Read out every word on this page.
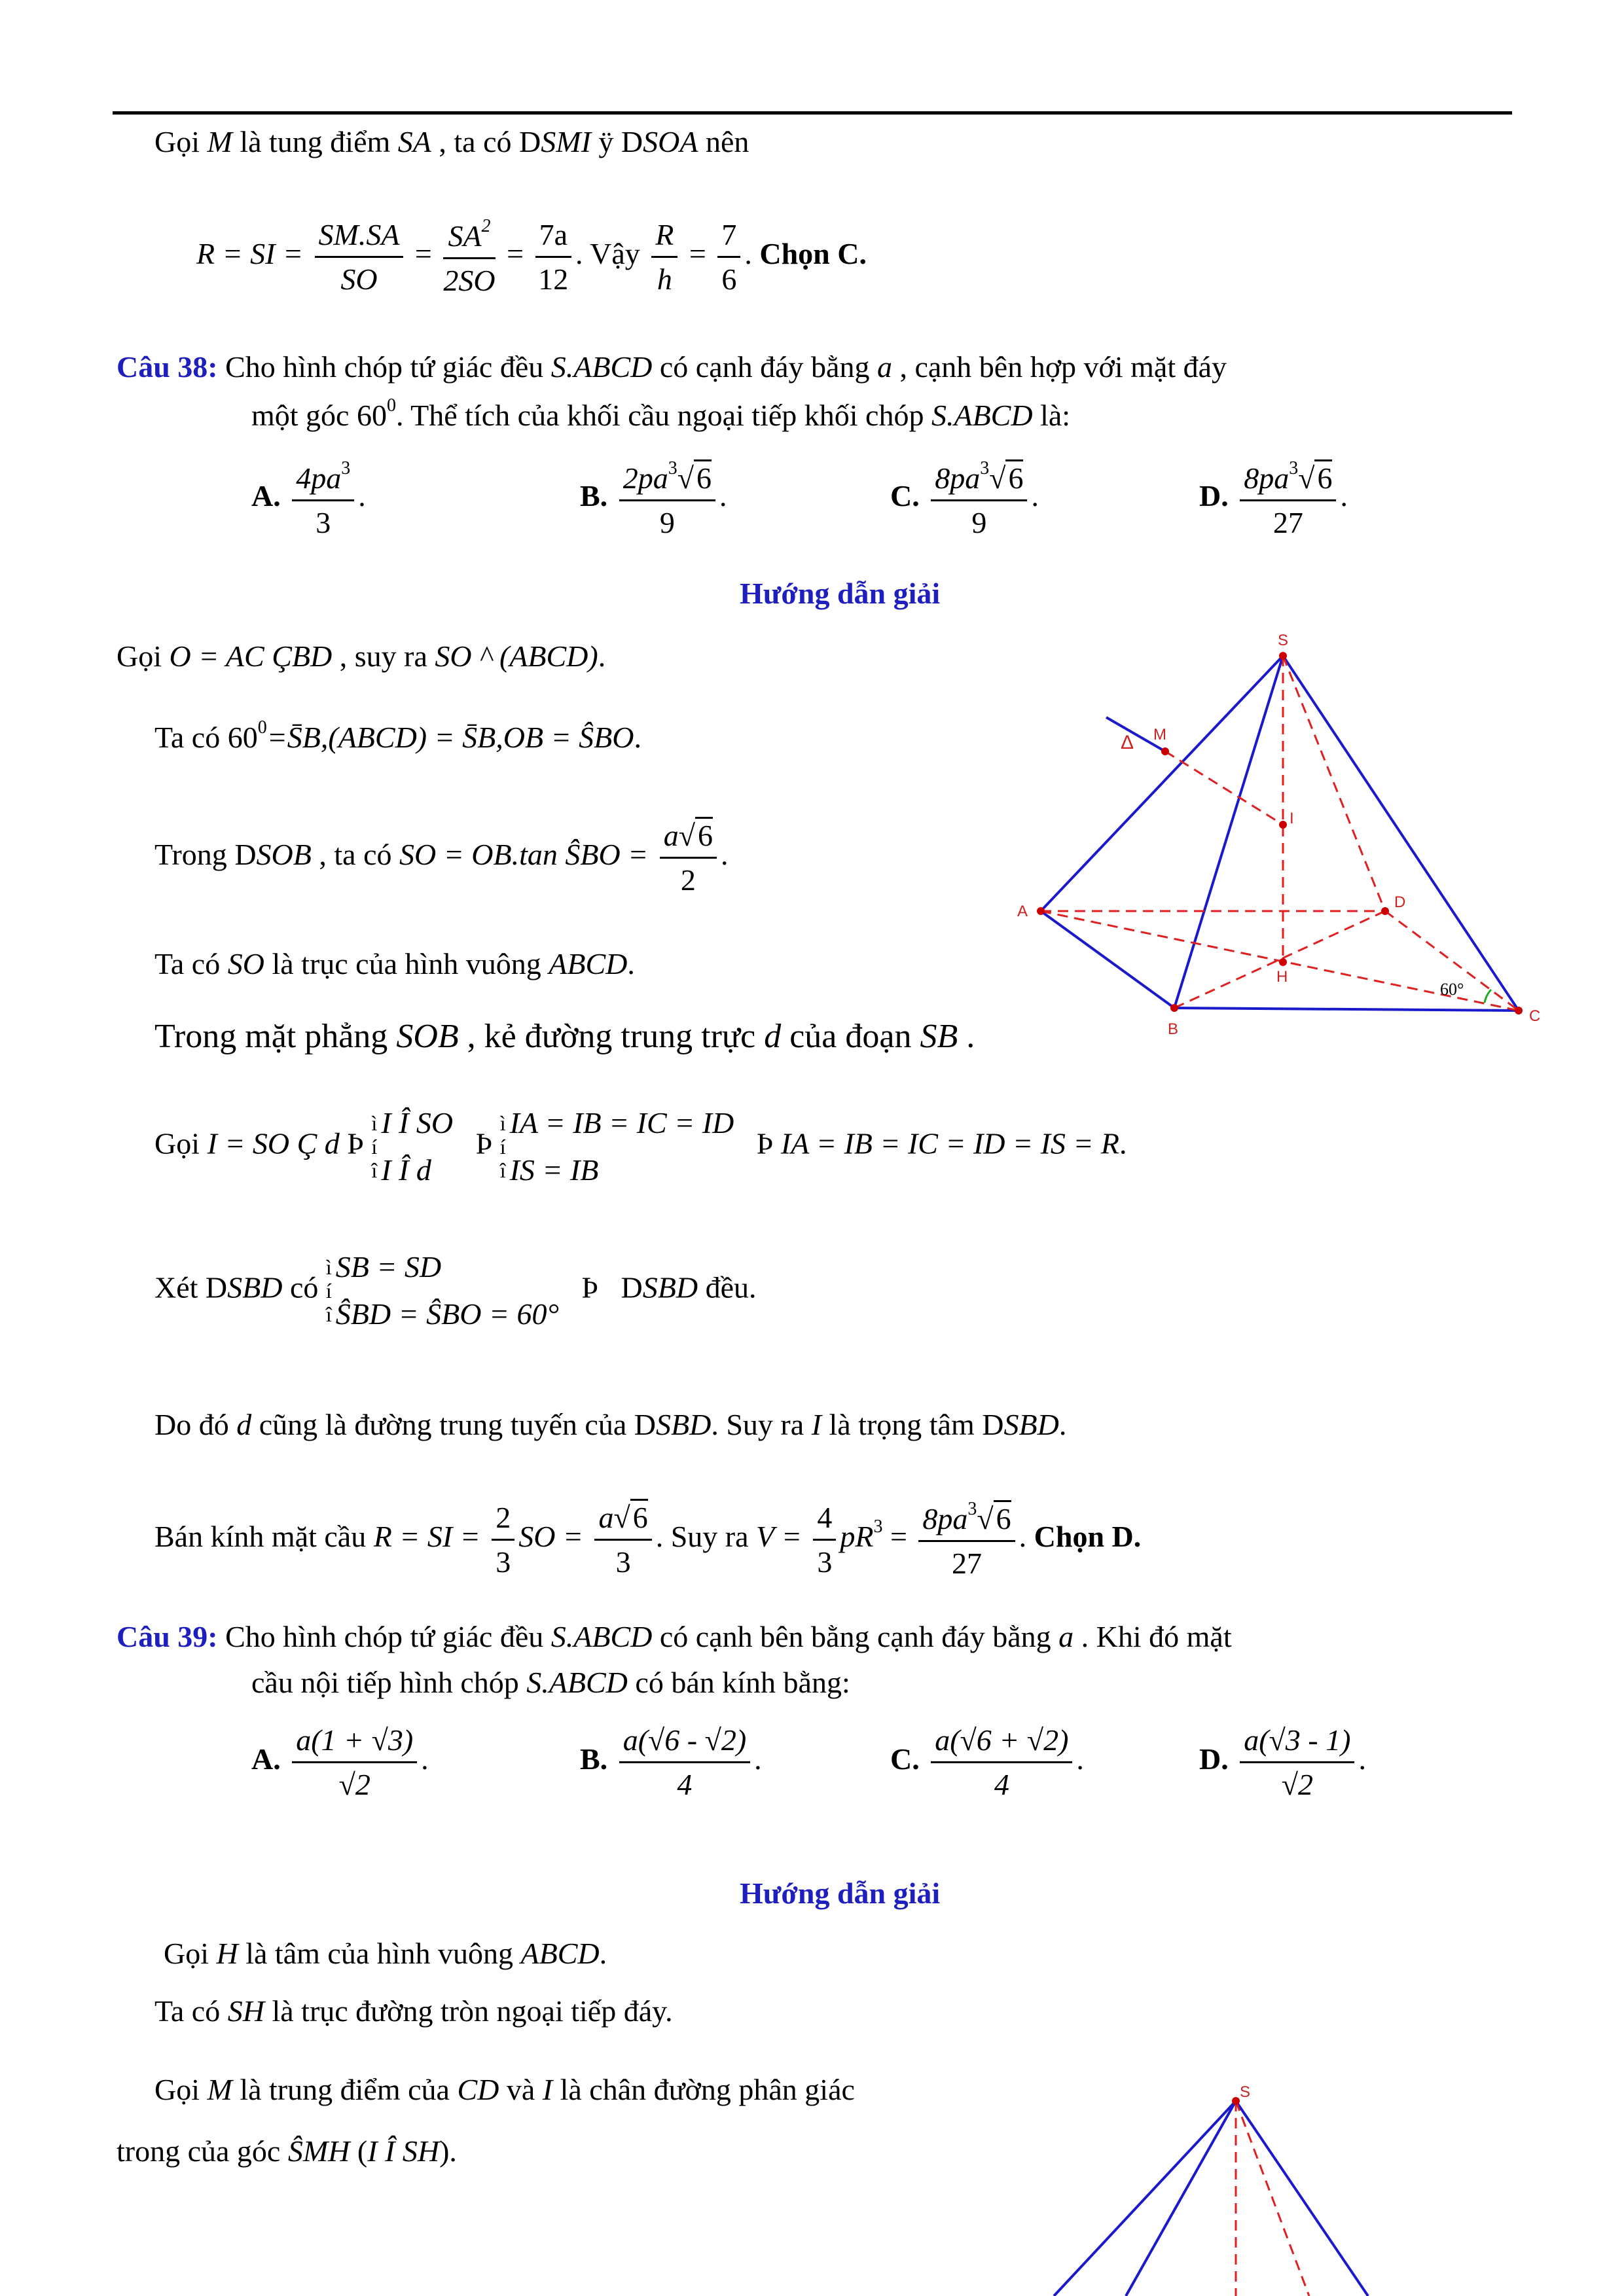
Gọi M là tung điểm SA , ta có DSMI ÿ DSOA nên
R = SI = $\frac{SM.SA}{SO} = \frac{SA^2}{2SO} = \frac{7a}{12}$ . Vậy $\frac{R}{h} = \frac{7}{6}$ . Chọn C.
Câu 38: Cho hình chóp tứ giác đều S.ABCD có cạnh đáy bằng a , cạnh bên hợp với mặt đáy
một góc $60^0$. Thể tích của khối cầu ngoại tiếp khối chóp S.ABCD là:
A. $\frac{4pa^3}{3}$ .	B. $\frac{2pa^3√6}{9}$ .	C. $\frac{8pa^3√6}{9}$ .	D. $\frac{8pa^3√6}{27}$ .
Hướng dẫn giải
Gọi O = AC ÇBD , suy ra SO ^ (ABCD).
Ta có $60^0=S̄B,(ABCD)$ = S̄B,OB = ŜBO.
Trong DSOB , ta có SO = OB.tan ŜBO = $\frac{a√6}{2}$ .
Ta có SO là trục của hình vuông ABCD.
Trong mặt phẳng SOB , kẻ đường trung trực d của đoạn SB .
Gọi I = SO Ç d Þ ì
í
îI Î SO
I Î d   Þ ì
í
îIA = IB = IC = ID
IS = IB   Þ IA = IB = IC = ID = IS = R.
Xét DSBD có ì
í
îSB = SD
ŜBD = ŜBO = 60°   Þ DSBD đều.
Do đó d cũng là đường trung tuyến của DSBD. Suy ra I là trọng tâm DSBD.
Bán kính mặt cầu R = SI = $\frac{2}{3}$ SO = $\frac{a√6}{3}$ . Suy ra $V = \frac{4}{3} pR^3 = \frac{8pa^3√6}{27}$ . Chọn D.
S
M
I
A
D
H
B
C
Δ
60°
Câu 39: Cho hình chóp tứ giác đều S.ABCD có cạnh bên bằng cạnh đáy bằng a . Khi đó mặt
cầu nội tiếp hình chóp S.ABCD có bán kính bằng:
A. $\frac{a(1 + √3)}{√2}$ .	B. $\frac{a(√6 - √2)}{4}$ .	C. $\frac{a(√6 + √2)}{4}$ .	D. $\frac{a(√3 - 1)}{√2}$ .
Hướng dẫn giải
Gọi H là tâm của hình vuông ABCD.
Ta có SH là trục đường tròn ngoại tiếp đáy.
Gọi M là trung điểm của CD và I là chân đường phân giác
trong của góc ŜMH (I Î SH).
S
